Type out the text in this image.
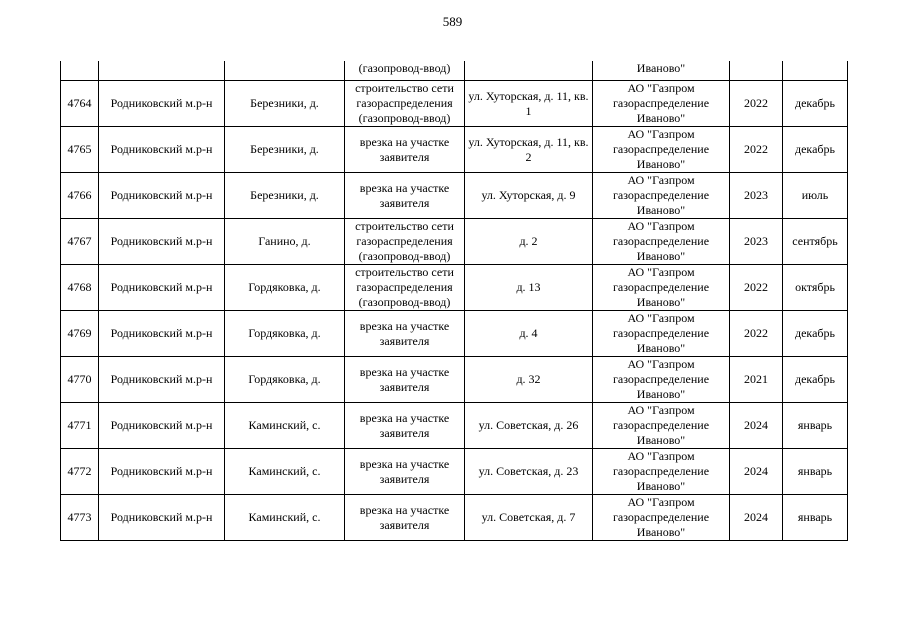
589
			(газопровод-ввод)		Иваново"		
4764	Родниковский м.р-н	Березники, д.	строительство сети газораспределения (газопровод-ввод)	ул. Хуторская, д. 11, кв. 1	АО "Газпром газораспределение Иваново"	2022	декабрь
4765	Родниковский м.р-н	Березники, д.	врезка на участке заявителя	ул. Хуторская, д. 11, кв. 2	АО "Газпром газораспределение Иваново"	2022	декабрь
4766	Родниковский м.р-н	Березники, д.	врезка на участке заявителя	ул. Хуторская, д. 9	АО "Газпром газораспределение Иваново"	2023	июль
4767	Родниковский м.р-н	Ганино, д.	строительство сети газораспределения (газопровод-ввод)	д. 2	АО "Газпром газораспределение Иваново"	2023	сентябрь
4768	Родниковский м.р-н	Гордяковка, д.	строительство сети газораспределения (газопровод-ввод)	д. 13	АО "Газпром газораспределение Иваново"	2022	октябрь
4769	Родниковский м.р-н	Гордяковка, д.	врезка на участке заявителя	д. 4	АО "Газпром газораспределение Иваново"	2022	декабрь
4770	Родниковский м.р-н	Гордяковка, д.	врезка на участке заявителя	д. 32	АО "Газпром газораспределение Иваново"	2021	декабрь
4771	Родниковский м.р-н	Каминский, с.	врезка на участке заявителя	ул. Советская, д. 26	АО "Газпром газораспределение Иваново"	2024	январь
4772	Родниковский м.р-н	Каминский, с.	врезка на участке заявителя	ул. Советская, д. 23	АО "Газпром газораспределение Иваново"	2024	январь
4773	Родниковский м.р-н	Каминский, с.	врезка на участке заявителя	ул. Советская, д. 7	АО "Газпром газораспределение Иваново"	2024	январь
